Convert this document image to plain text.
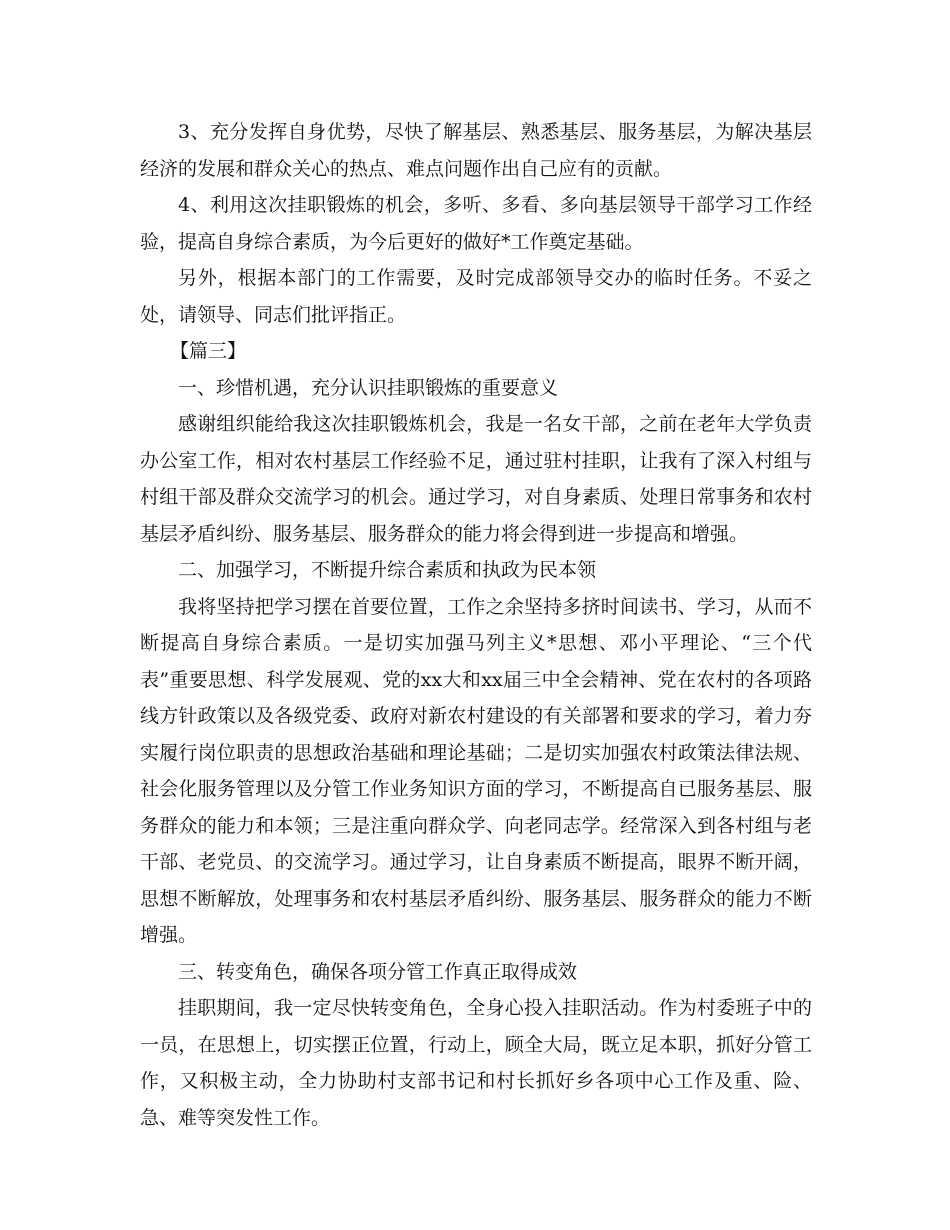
3、充分发挥自身优势，尽快了解基层、熟悉基层、服务基层，为解决基层经济的发展和群众关心的热点、难点问题作出自己应有的贡献。

4、利用这次挂职锻炼的机会，多听、多看、多向基层领导干部学习工作经验，提高自身综合素质，为今后更好的做好*工作奠定基础。

另外，根据本部门的工作需要，及时完成部领导交办的临时任务。不妥之处，请领导、同志们批评指正。

【篇三】

一、珍惜机遇，充分认识挂职锻炼的重要意义

感谢组织能给我这次挂职锻炼机会，我是一名女干部，之前在老年大学负责办公室工作，相对农村基层工作经验不足，通过驻村挂职，让我有了深入村组与村组干部及群众交流学习的机会。通过学习，对自身素质、处理日常事务和农村基层矛盾纠纷、服务基层、服务群众的能力将会得到进一步提高和增强。

二、加强学习，不断提升综合素质和执政为民本领

我将坚持把学习摆在首要位置，工作之余坚持多挤时间读书、学习，从而不断提高自身综合素质。一是切实加强马列主义*思想、邓小平理论、“三个代表”重要思想、科学发展观、党的xx大和xx届三中全会精神、党在农村的各项路线方针政策以及各级党委、政府对新农村建设的有关部署和要求的学习，着力夯实履行岗位职责的思想政治基础和理论基础；二是切实加强农村政策法律法规、社会化服务管理以及分管工作业务知识方面的学习，不断提高自已服务基层、服务群众的能力和本领；三是注重向群众学、向老同志学。经常深入到各村组与老干部、老党员、的交流学习。通过学习，让自身素质不断提高，眼界不断开阔，思想不断解放，处理事务和农村基层矛盾纠纷、服务基层、服务群众的能力不断增强。

三、转变角色，确保各项分管工作真正取得成效

挂职期间，我一定尽快转变角色，全身心投入挂职活动。作为村委班子中的一员，在思想上，切实摆正位置，行动上，顾全大局，既立足本职，抓好分管工作，又积极主动，全力协助村支部书记和村长抓好乡各项中心工作及重、险、急、难等突发性工作。
